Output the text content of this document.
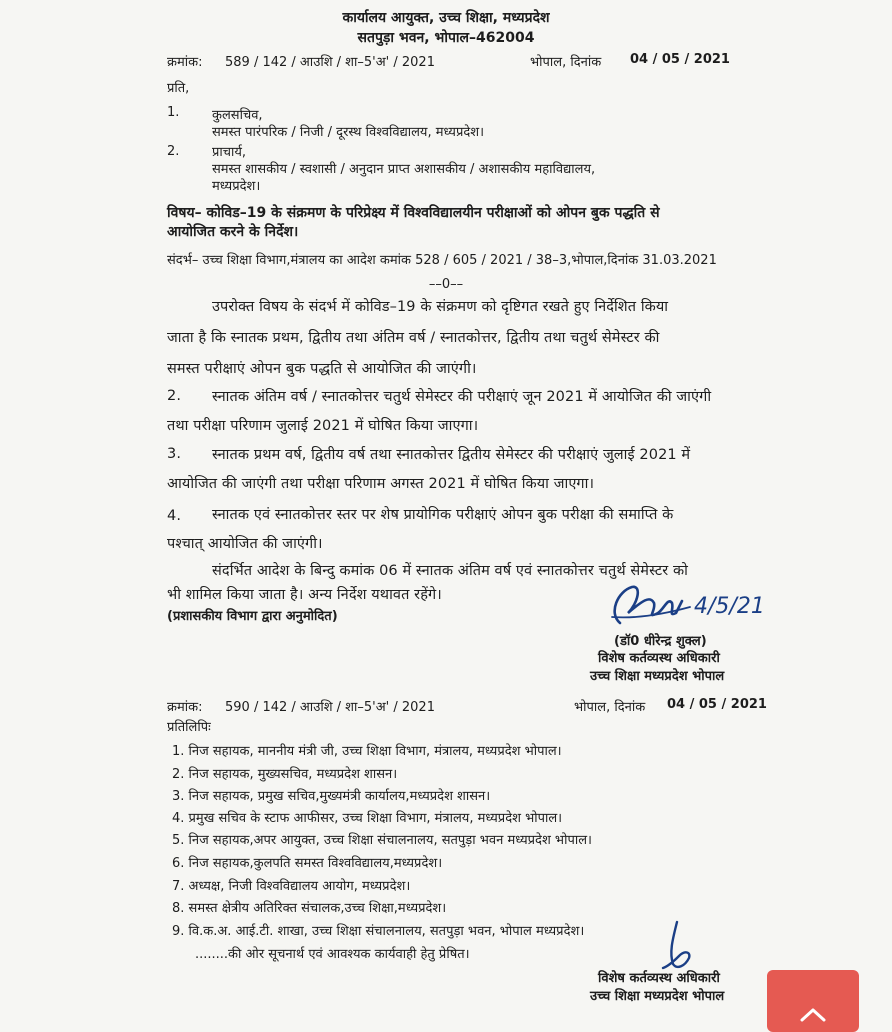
कार्यालय आयुक्त, उच्च शिक्षा, मध्यप्रदेश
सतपुड़ा भवन, भोपाल–462004
क्रमांक: 589 / 142 / आउशि / शा–5'अ' / 2021	भोपाल, दिनांक 04 / 05 / 2021
प्रति,
1.	कुलसचिव,
समस्त पारंपरिक / निजी / दूरस्थ विश्वविद्यालय, मध्यप्रदेश।
2.	प्राचार्य,
समस्त शासकीय / स्वशासी / अनुदान प्राप्त अशासकीय / अशासकीय महाविद्यालय,
मध्यप्रदेश।
विषय– कोविड–19 के संक्रमण के परिप्रेक्ष्य में विश्वविद्यालयीन परीक्षाओं को ओपन बुक पद्धति से
आयोजित करने के निर्देश।
संदर्भ– उच्च शिक्षा विभाग,मंत्रालय का आदेश कमांक 528 / 605 / 2021 / 38–3,भोपाल,दिनांक 31.03.2021
––0––
उपरोक्त विषय के संदर्भ में कोविड–19 के संक्रमण को दृष्टिगत रखते हुए निर्देशित किया
जाता है कि स्नातक प्रथम, द्वितीय तथा अंतिम वर्ष / स्नातकोत्तर, द्वितीय तथा चतुर्थ सेमेस्टर की
समस्त परीक्षाएं ओपन बुक पद्धति से आयोजित की जाएंगी।
2. स्नातक अंतिम वर्ष / स्नातकोत्तर चतुर्थ सेमेस्टर की परीक्षाएं जून 2021 में आयोजित की जाएंगी
तथा परीक्षा परिणाम जुलाई 2021 में घोषित किया जाएगा।
3. स्नातक प्रथम वर्ष, द्वितीय वर्ष तथा स्नातकोत्तर द्वितीय सेमेस्टर की परीक्षाएं जुलाई 2021 में
आयोजित की जाएंगी तथा परीक्षा परिणाम अगस्त 2021 में घोषित किया जाएगा।
4. स्नातक एवं स्नातकोत्तर स्तर पर शेष प्रायोगिक परीक्षाएं ओपन बुक परीक्षा की समाप्ति के
पश्चात् आयोजित की जाएंगी।
संदर्भित आदेश के बिन्दु कमांक 06 में स्नातक अंतिम वर्ष एवं स्नातकोत्तर चतुर्थ सेमेस्टर को
भी शामिल किया जाता है। अन्य निर्देश यथावत रहेंगे।
(प्रशासकीय विभाग द्वारा अनुमोदित)	4/5/21
(डॉ0 धीरेन्द्र शुक्ल)
विशेष कर्तव्यस्थ अधिकारी
उच्च शिक्षा मध्यप्रदेश भोपाल
क्रमांक: 590 / 142 / आउशि / शा–5'अ' / 2021	भोपाल, दिनांक 04 / 05 / 2021
प्रतिलिपिः
1. निज सहायक, माननीय मंत्री जी, उच्च शिक्षा विभाग, मंत्रालय, मध्यप्रदेश भोपाल।
2. निज सहायक, मुख्यसचिव, मध्यप्रदेश शासन।
3. निज सहायक, प्रमुख सचिव,मुख्यमंत्री कार्यालय,मध्यप्रदेश शासन।
4. प्रमुख सचिव के स्टाफ आफीसर, उच्च शिक्षा विभाग, मंत्रालय, मध्यप्रदेश भोपाल।
5. निज सहायक,अपर आयुक्त, उच्च शिक्षा संचालनालय, सतपुड़ा भवन मध्यप्रदेश भोपाल।
6. निज सहायक,कुलपति समस्त विश्वविद्यालय,मध्यप्रदेश।
7. अध्यक्ष, निजी विश्वविद्यालय आयोग, मध्यप्रदेश।
8. समस्त क्षेत्रीय अतिरिक्त संचालक,उच्च शिक्षा,मध्यप्रदेश।
9. वि.क.अ. आई.टी. शाखा, उच्च शिक्षा संचालनालय, सतपुड़ा भवन, भोपाल मध्यप्रदेश।
........की ओर सूचनार्थ एवं आवश्यक कार्यवाही हेतु प्रेषित।
विशेष कर्तव्यस्थ अधिकारी
उच्च शिक्षा मध्यप्रदेश भोपाल
